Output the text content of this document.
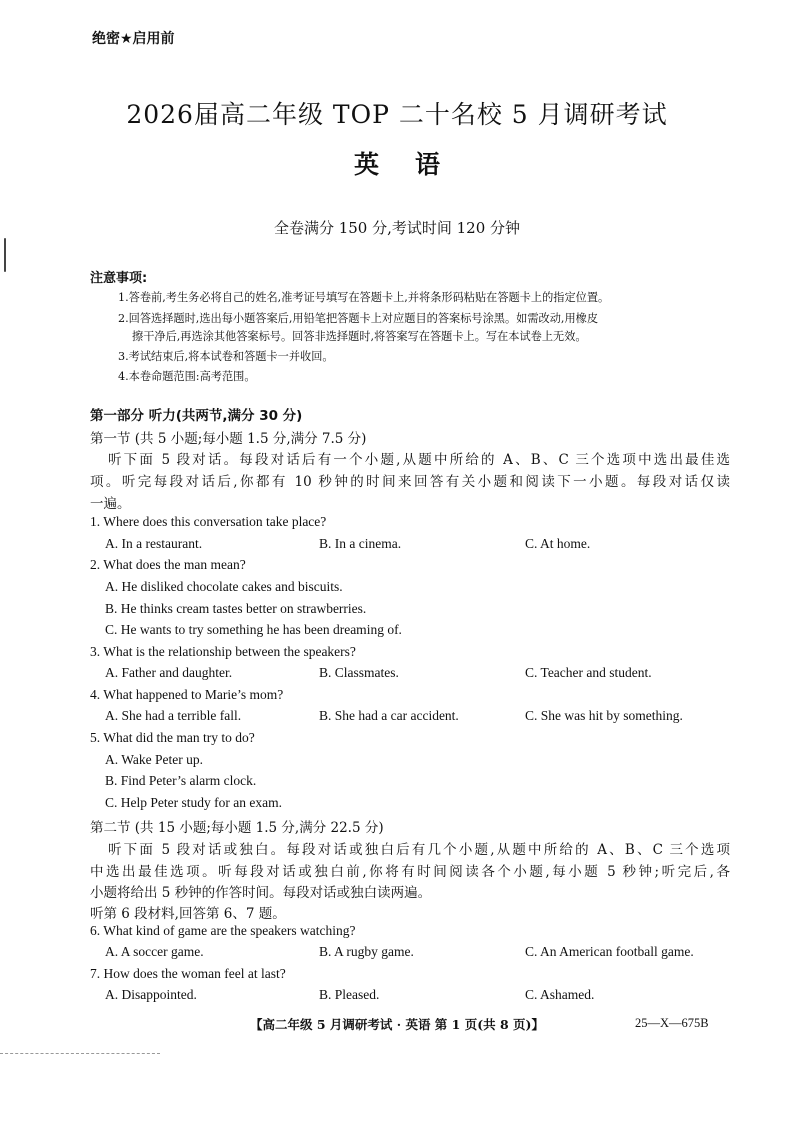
绝密★启用前
2026届高二年级 TOP 二十名校 5 月调研考试
英语
全卷满分 150 分,考试时间 120 分钟
注意事项:
1.答卷前,考生务必将自己的姓名,准考证号填写在答题卡上,并将条形码粘贴在答题卡上的指定位置。
2.回答选择题时,选出每小题答案后,用铅笔把答题卡上对应题目的答案标号涂黑。如需改动,用橡皮
擦干净后,再选涂其他答案标号。回答非选择题时,将答案写在答题卡上。写在本试卷上无效。
3.考试结束后,将本试卷和答题卡一并收回。
4.本卷命题范围:高考范围。
第一部分 听力(共两节,满分 30 分)
第一节 (共 5 小题;每小题 1.5 分,满分 7.5 分)
听下面 5 段对话。每段对话后有一个小题,从题中所给的 A、B、C 三个选项中选出最佳选
项。听完每段对话后,你都有 10 秒钟的时间来回答有关小题和阅读下一小题。每段对话仅读
一遍。
1. Where does this conversation take place?
A. In a restaurant.	B. In a cinema.	C. At home.
2. What does the man mean?
A. He disliked chocolate cakes and biscuits.
B. He thinks cream tastes better on strawberries.
C. He wants to try something he has been dreaming of.
3. What is the relationship between the speakers?
A. Father and daughter.	B. Classmates.	C. Teacher and student.
4. What happened to Marie’s mom?
A. She had a terrible fall.	B. She had a car accident.	C. She was hit by something.
5. What did the man try to do?
A. Wake Peter up.
B. Find Peter’s alarm clock.
C. Help Peter study for an exam.
第二节 (共 15 小题;每小题 1.5 分,满分 22.5 分)
听下面 5 段对话或独白。每段对话或独白后有几个小题,从题中所给的 A、B、C 三个选项
中选出最佳选项。听每段对话或独白前,你将有时间阅读各个小题,每小题 5 秒钟;听完后,各
小题将给出 5 秒钟的作答时间。每段对话或独白读两遍。
听第 6 段材料,回答第 6、7 题。
6. What kind of game are the speakers watching?
A. A soccer game.	B. A rugby game.	C. An American football game.
7. How does the woman feel at last?
A. Disappointed.	B. Pleased.	C. Ashamed.
【高二年级 5 月调研考试 · 英语 第 1 页(共 8 页)】	25—X—675B
